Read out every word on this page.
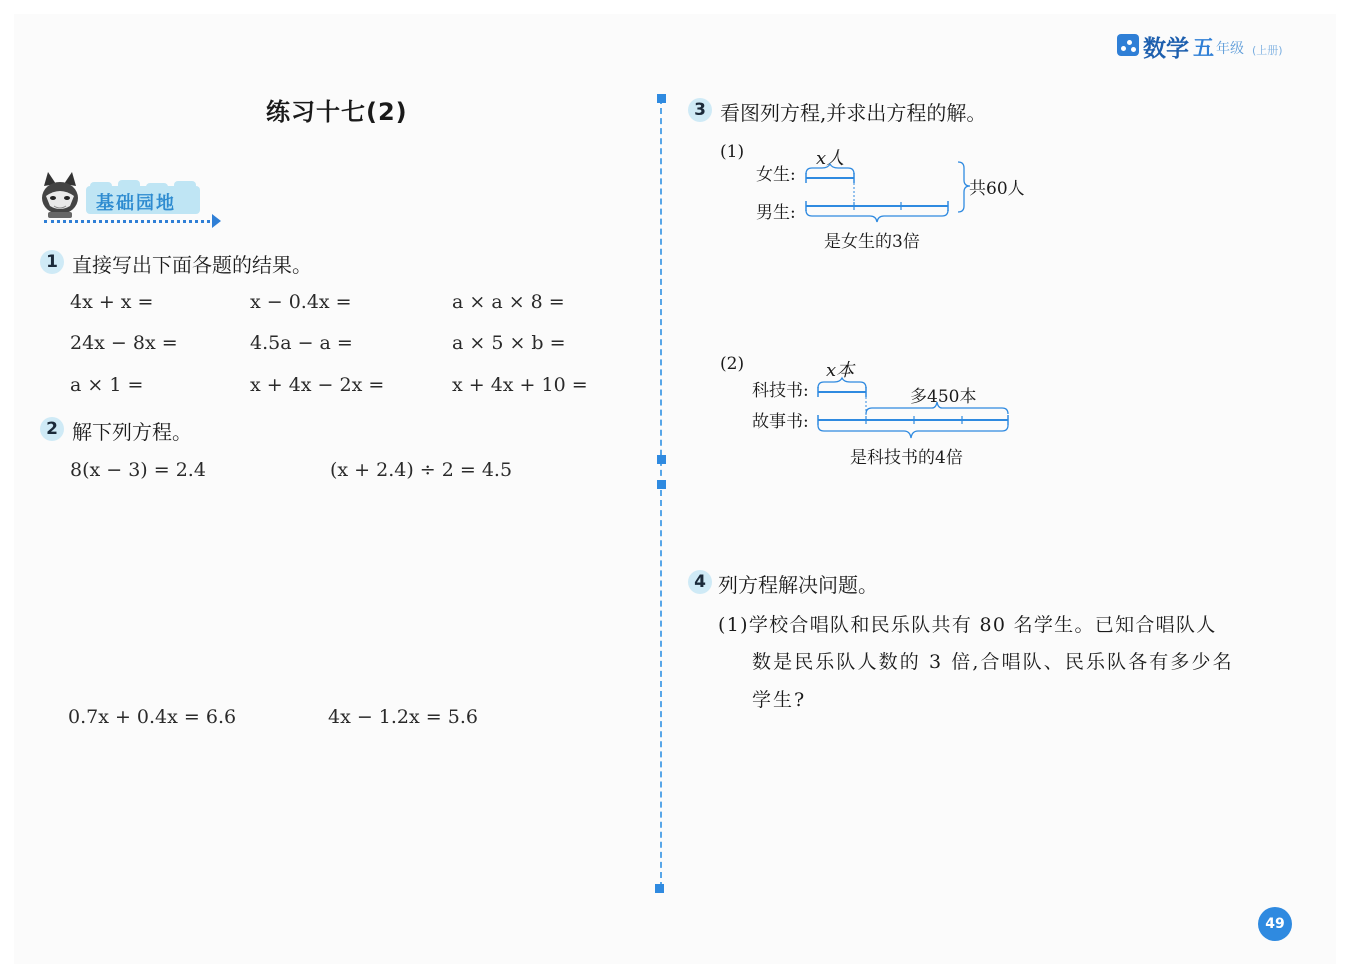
数学 五 年级 (上册)
练习十七(2)
基础园地
1 直接写出下面各题的结果。
4x + x =	x − 0.4x =	a × a × 8 =
24x − 8x =	4.5a − a =	a × 5 × b =
a × 1 =	x + 4x − 2x =	x + 4x + 10 =
2 解下列方程。
8(x − 3) = 2.4	(x + 2.4) ÷ 2 = 4.5
0.7x + 0.4x = 6.6	4x − 1.2x = 5.6
3 看图列方程,并求出方程的解。
(1)	x人
女生:
男生:
共60人
是女生的3倍
(2)	x本
科技书:
故事书:
多450本
是科技书的4倍
4 列方程解决问题。
(1)学校合唱队和民乐队共有 80 名学生。已知合唱队人
数是民乐队人数的 3 倍,合唱队、民乐队各有多少名
学生?
49
